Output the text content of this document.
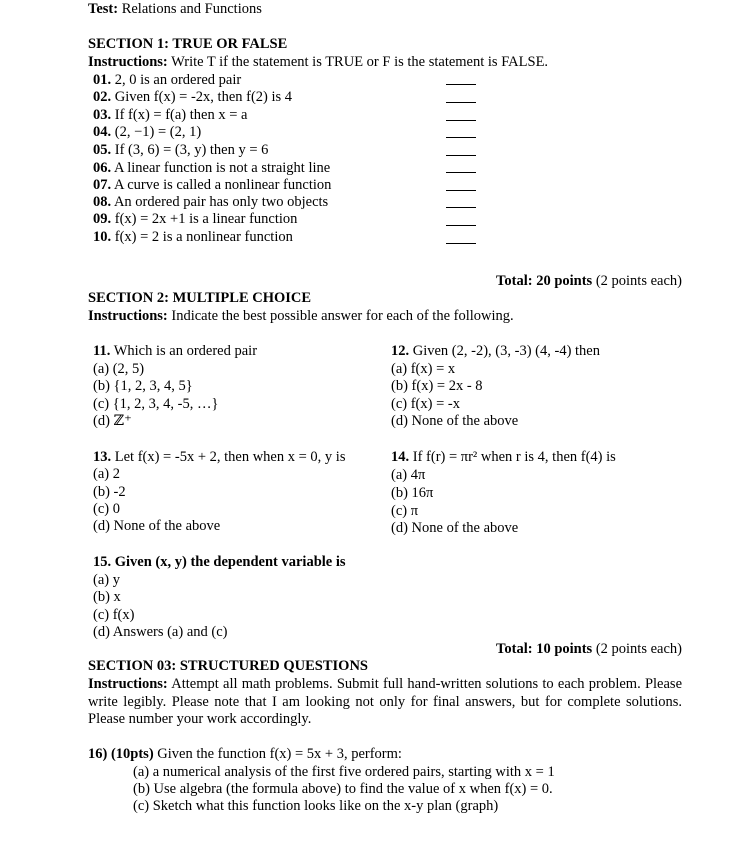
Test: Relations and Functions
SECTION 1: TRUE OR FALSE
Instructions: Write T if the statement is TRUE or F is the statement is FALSE.
01. 2, 0 is an ordered pair
02. Given f(x) = -2x, then f(2) is 4
03. If f(x) = f(a) then x = a
04. (2, −1) = (2, 1)
05. If (3, 6) = (3, y) then y = 6
06. A linear function is not a straight line
07. A curve is called a nonlinear function
08. An ordered pair has only two objects
09. f(x) = 2x +1 is a linear function
10. f(x) = 2 is a nonlinear function
Total: 20 points (2 points each)
SECTION 2: MULTIPLE CHOICE
Instructions: Indicate the best possible answer for each of the following.
11. Which is an ordered pair
(a) (2, 5)
(b) {1, 2, 3, 4, 5}
(c) {1, 2, 3, 4, -5, …}
(d) ℤ⁺
12. Given (2, -2), (3, -3) (4, -4) then
(a) f(x) = x
(b) f(x) = 2x - 8
(c) f(x) = -x
(d) None of the above
13. Let f(x) = -5x + 2, then when x = 0, y is
(a) 2
(b) -2
(c) 0
(d) None of the above
14. If f(r) = πr² when r is 4, then f(4) is
(a) 4π
(b) 16π
(c) π
(d) None of the above
15. Given (x, y) the dependent variable is
(a) y
(b) x
(c) f(x)
(d) Answers (a) and (c)
Total: 10 points (2 points each)
SECTION 03: STRUCTURED QUESTIONS
Instructions: Attempt all math problems. Submit full hand-written solutions to each problem. Please write legibly. Please note that I am looking not only for final answers, but for complete solutions. Please number your work accordingly.
16) (10pts) Given the function f(x) = 5x + 3, perform:
(a) a numerical analysis of the first five ordered pairs, starting with x = 1
(b) Use algebra (the formula above) to find the value of x when f(x) = 0.
(c) Sketch what this function looks like on the x-y plan (graph)
